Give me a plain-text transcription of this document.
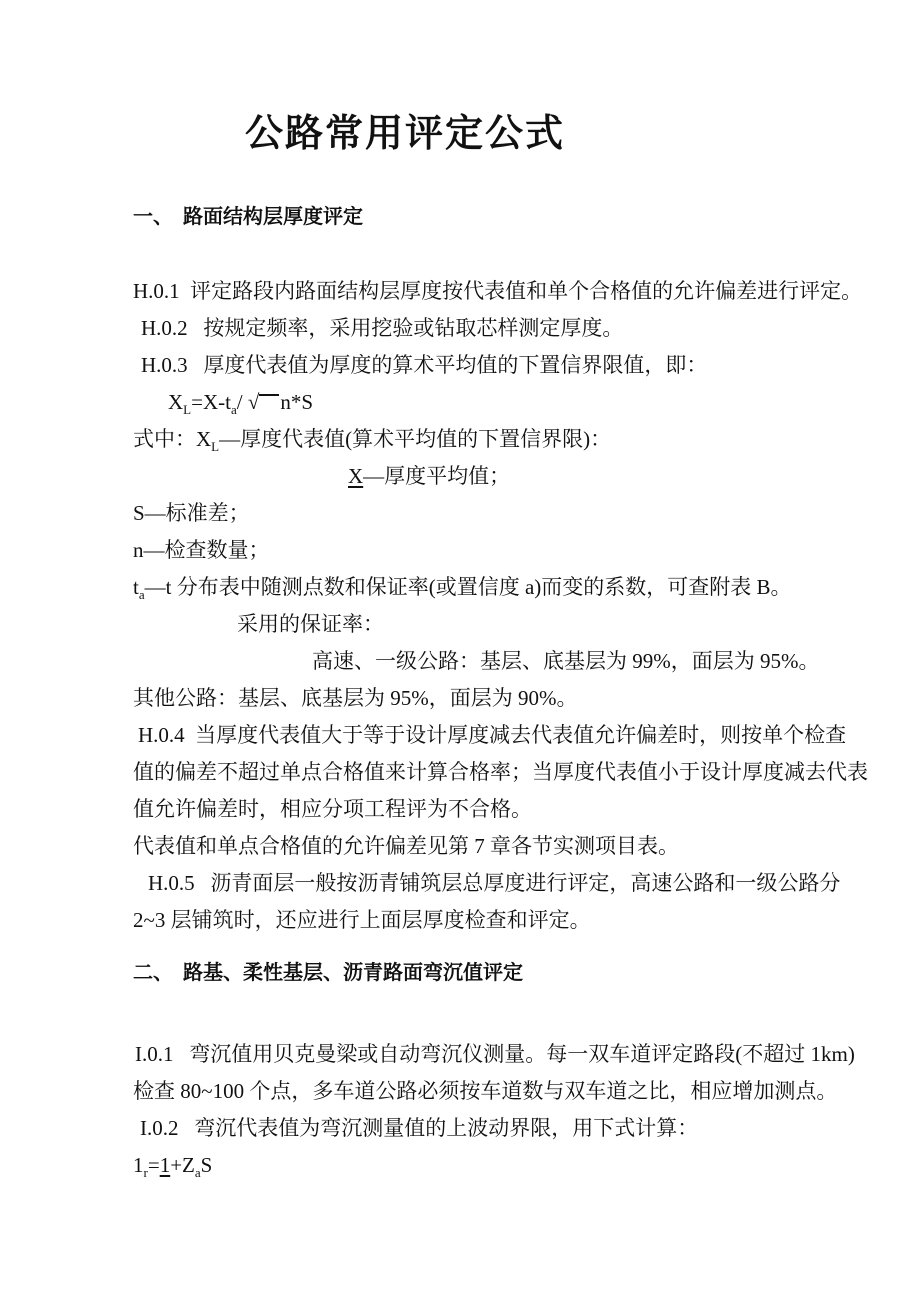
公路常用评定公式
一、  路面结构层厚度评定
H.0.1  评定路段内路面结构层厚度按代表值和单个合格值的允许偏差进行评定。
H.0.2   按规定频率，采用挖验或钻取芯样测定厚度。
H.0.3   厚度代表值为厚度的算术平均值的下置信界限值，即：
$X_L=X-t_a/$ √ n*S
式中：$X_L—$厚度代表值(算术平均值的下置信界限)：
X—厚度平均值；
S—标准差；
n—检查数量；
$t_a—t$ 分布表中随测点数和保证率(或置信度 a)而变的系数，可查附表 B。
采用的保证率：
高速、一级公路：基层、底基层为 99%，面层为 95%。
其他公路：基层、底基层为 95%，面层为 90%。
H.0.4  当厚度代表值大于等于设计厚度减去代表值允许偏差时，则按单个检查
值的偏差不超过单点合格值来计算合格率；当厚度代表值小于设计厚度减去代表
值允许偏差时，相应分项工程评为不合格。
代表值和单点合格值的允许偏差见第 7 章各节实测项目表。
H.0.5   沥青面层一般按沥青铺筑层总厚度进行评定，高速公路和一级公路分
2~3 层铺筑时，还应进行上面层厚度检查和评定。
二、  路基、柔性基层、沥青路面弯沉值评定
I.0.1   弯沉值用贝克曼梁或自动弯沉仪测量。每一双车道评定路段(不超过 1km)
检查 80~100 个点，多车道公路必须按车道数与双车道之比，相应增加测点。
I.0.2   弯沉代表值为弯沉测量值的上波动界限，用下式计算：
$1_r=1+Z_aS$
